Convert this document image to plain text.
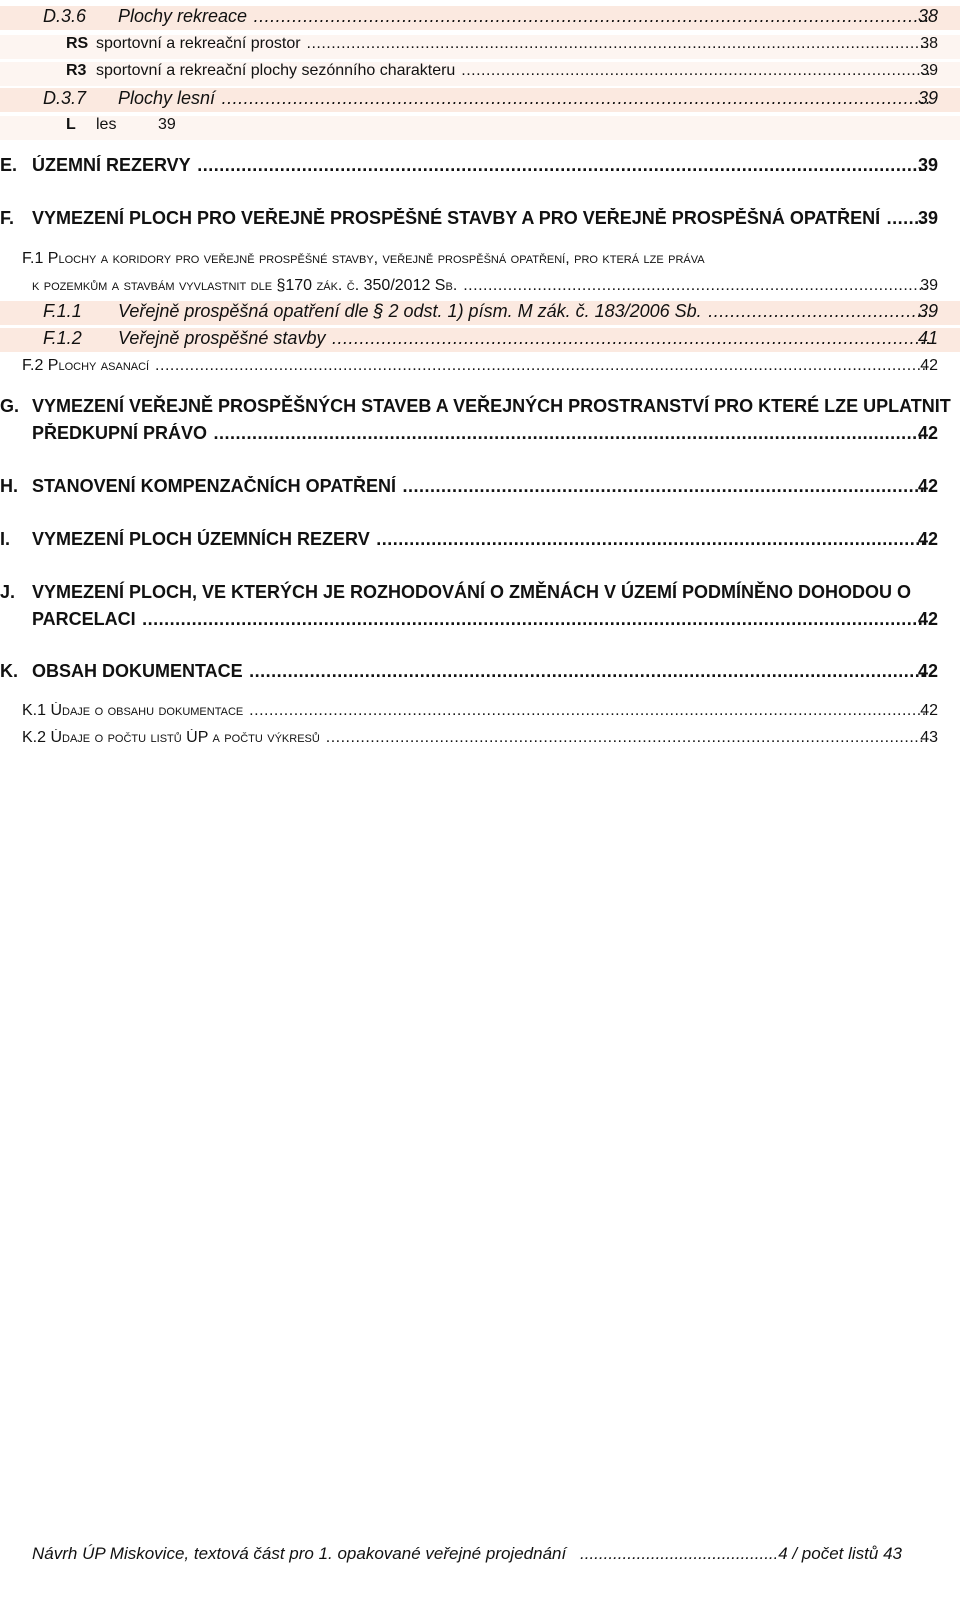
D.3.6 Plochy rekreace .....	38
RS sportovní a rekreační prostor .....	38
R3 sportovní a rekreační plochy sezónního charakteru .....	39
D.3.7 Plochy lesní .....	39
L les	39
E. ÚZEMNÍ REZERVY .....	39
F. VYMEZENÍ PLOCH PRO VEŘEJNĚ PROSPĚŠNÉ STAVBY A PRO VEŘEJNĚ PROSPĚŠNÁ OPATŘENÍ .....	39
F.1 Plochy a koridory pro veřejně prospěšné stavby, veřejně prospěšná opatření, pro která lze práva
k pozemkům a stavbám vyvlastnit dle §170 zák. č. 350/2012 Sb. .....	39
F.1.1 Veřejně prospěšná opatření dle § 2 odst. 1) písm. M zák. č. 183/2006 Sb. .....	39
F.1.2 Veřejně prospěšné stavby .....	41
F.2 Plochy asanací .....	42
G. VYMEZENÍ VEŘEJNĚ PROSPĚŠNÝCH STAVEB A VEŘEJNÝCH PROSTRANSTVÍ PRO KTERÉ LZE UPLATNIT
PŘEDKUPNÍ PRÁVO .....	42
H. STANOVENÍ KOMPENZAČNÍCH OPATŘENÍ .....	42
I. VYMEZENÍ PLOCH ÚZEMNÍCH REZERV .....	42
J. VYMEZENÍ PLOCH, VE KTERÝCH JE ROZHODOVÁNÍ O ZMĚNÁCH V ÚZEMÍ PODMÍNĚNO DOHODOU O
PARCELACI .....	42
K. OBSAH DOKUMENTACE .....	42
K.1 Údaje o obsahu dokumentace .....	42
K.2 Údaje o počtu listů ÚP a počtu výkresů .....	43
.....
Návrh ÚP Miskovice, textová část pro 1. opakované veřejné projednání	4 / počet listů 43
